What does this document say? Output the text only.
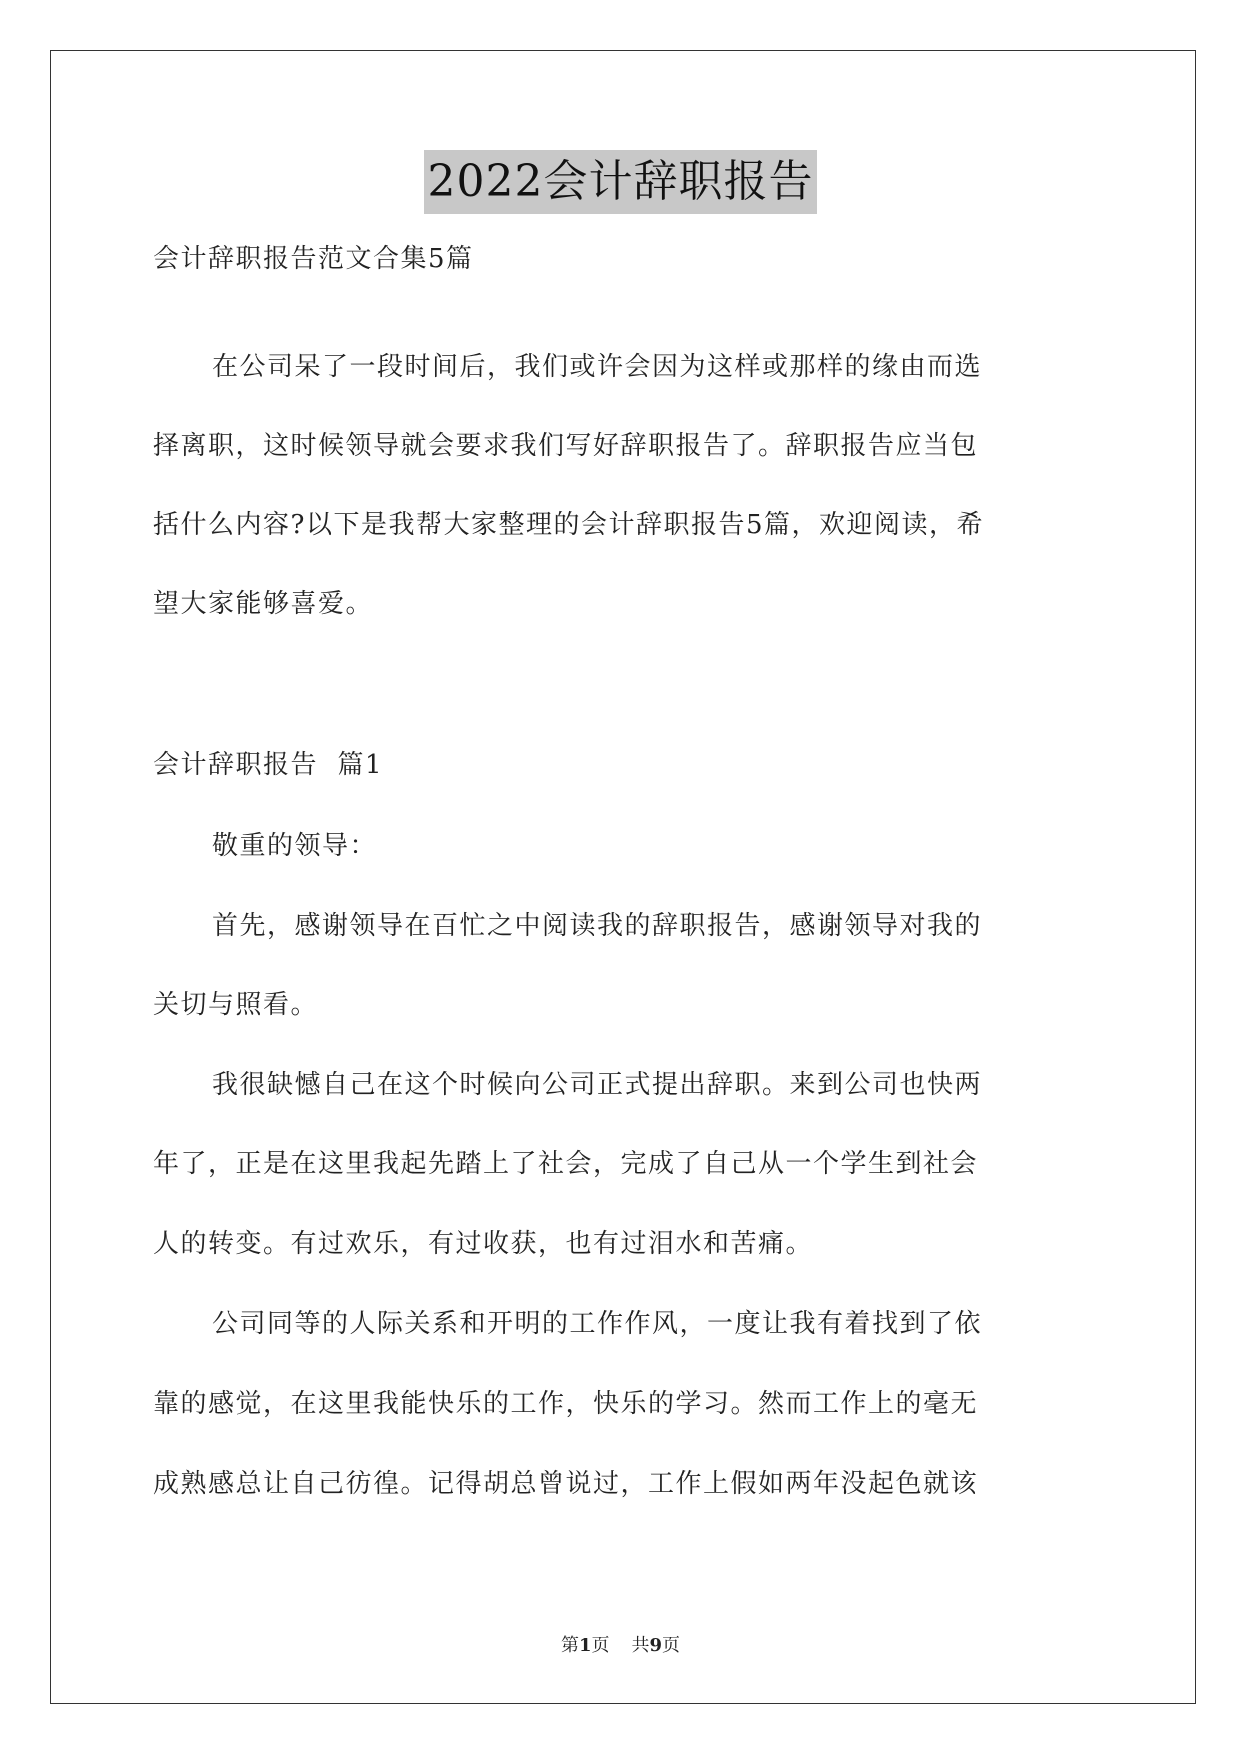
2022会计辞职报告
会计辞职报告范文合集5篇
在公司呆了一段时间后，我们或许会因为这样或那样的缘由而选
择离职，这时候领导就会要求我们写好辞职报告了。辞职报告应当包
括什么内容?以下是我帮大家整理的会计辞职报告5篇，欢迎阅读，希
望大家能够喜爱。
会计辞职报告  篇1
敬重的领导：
首先，感谢领导在百忙之中阅读我的辞职报告，感谢领导对我的
关切与照看。
我很缺憾自己在这个时候向公司正式提出辞职。来到公司也快两
年了，正是在这里我起先踏上了社会，完成了自己从一个学生到社会
人的转变。有过欢乐，有过收获，也有过泪水和苦痛。
公司同等的人际关系和开明的工作作风，一度让我有着找到了依
靠的感觉，在这里我能快乐的工作，快乐的学习。然而工作上的毫无
成熟感总让自己彷徨。记得胡总曾说过，工作上假如两年没起色就该
第1页 共9页
